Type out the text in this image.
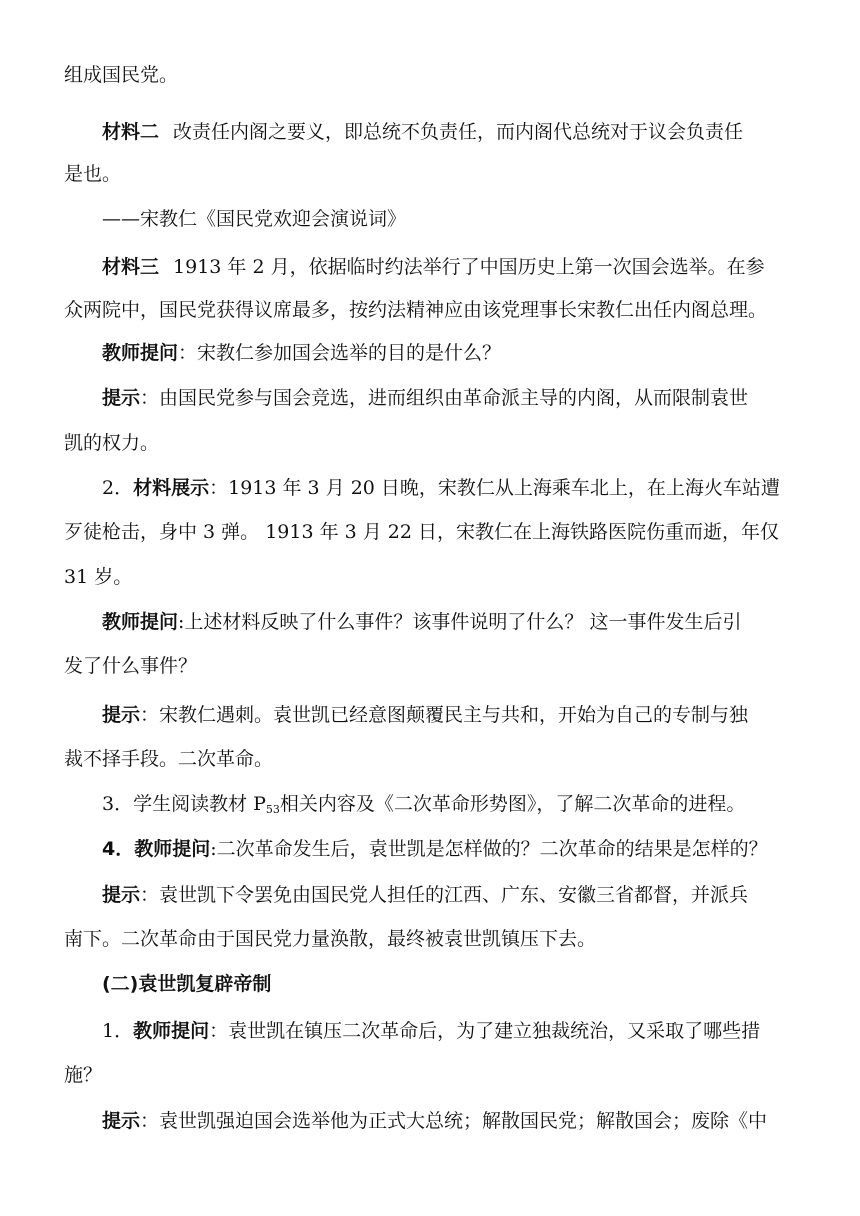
组成国民党。
材料二 改责任内阁之要义，即总统不负责任，而内阁代总统对于议会负责任
是也。
——宋教仁《国民党欢迎会演说词》
材料三 1913 年 2 月，依据临时约法举行了中国历史上第一次国会选举。在参
众两院中，国民党获得议席最多，按约法精神应由该党理事长宋教仁出任内阁总理。
教师提问：宋教仁参加国会选举的目的是什么？
提示：由国民党参与国会竞选，进而组织由革命派主导的内阁，从而限制袁世
凯的权力。
2．材料展示：1913 年 3 月 20 日晚，宋教仁从上海乘车北上，在上海火车站遭
歹徒枪击，身中 3 弹。 1913 年 3 月 22 日，宋教仁在上海铁路医院伤重而逝，年仅
31 岁。
教师提问:上述材料反映了什么事件？该事件说明了什么？ 这一事件发生后引
发了什么事件？
提示：宋教仁遇刺。袁世凯已经意图颠覆民主与共和，开始为自己的专制与独
裁不择手段。二次革命。
3．学生阅读教材 $P_{53}$相关内容及《二次革命形势图》，了解二次革命的进程。
4．教师提问:二次革命发生后，袁世凯是怎样做的？二次革命的结果是怎样的？
提示：袁世凯下令罢免由国民党人担任的江西、广东、安徽三省都督，并派兵
南下。二次革命由于国民党力量涣散，最终被袁世凯镇压下去。
(二)袁世凯复辟帝制
1．教师提问：袁世凯在镇压二次革命后，为了建立独裁统治，又采取了哪些措
施？
提示：袁世凯强迫国会选举他为正式大总统；解散国民党；解散国会；废除《中
